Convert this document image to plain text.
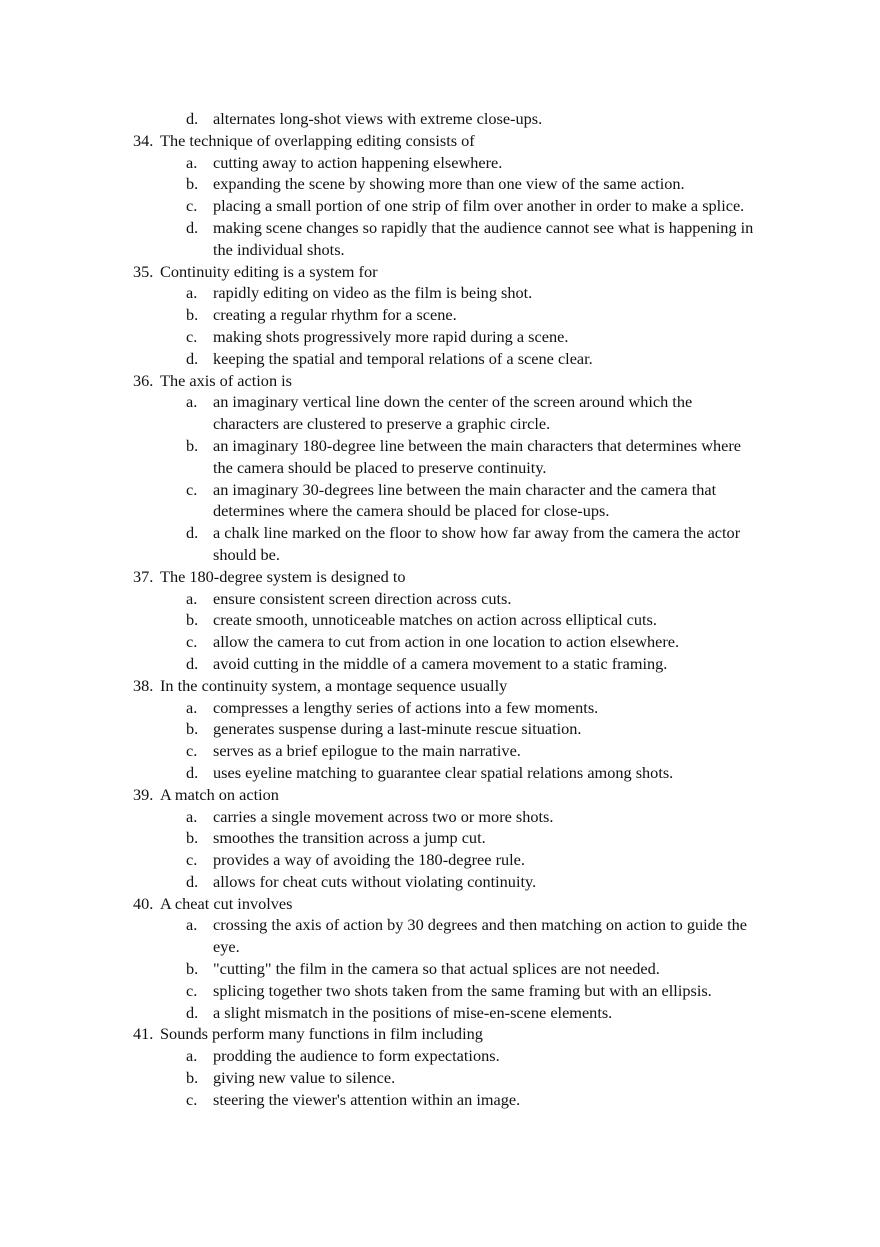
d. alternates long-shot views with extreme close-ups.
34. The technique of overlapping editing consists of
a. cutting away to action happening elsewhere.
b. expanding the scene by showing more than one view of the same action.
c. placing a small portion of one strip of film over another in order to make a splice.
d. making scene changes so rapidly that the audience cannot see what is happening in the individual shots.
35. Continuity editing is a system for
a. rapidly editing on video as the film is being shot.
b. creating a regular rhythm for a scene.
c. making shots progressively more rapid during a scene.
d. keeping the spatial and temporal relations of a scene clear.
36. The axis of action is
a. an imaginary vertical line down the center of the screen around which the characters are clustered to preserve a graphic circle.
b. an imaginary 180-degree line between the main characters that determines where the camera should be placed to preserve continuity.
c. an imaginary 30-degrees line between the main character and the camera that determines where the camera should be placed for close-ups.
d. a chalk line marked on the floor to show how far away from the camera the actor should be.
37. The 180-degree system is designed to
a. ensure consistent screen direction across cuts.
b. create smooth, unnoticeable matches on action across elliptical cuts.
c. allow the camera to cut from action in one location to action elsewhere.
d. avoid cutting in the middle of a camera movement to a static framing.
38. In the continuity system, a montage sequence usually
a. compresses a lengthy series of actions into a few moments.
b. generates suspense during a last-minute rescue situation.
c. serves as a brief epilogue to the main narrative.
d. uses eyeline matching to guarantee clear spatial relations among shots.
39. A match on action
a. carries a single movement across two or more shots.
b. smoothes the transition across a jump cut.
c. provides a way of avoiding the 180-degree rule.
d. allows for cheat cuts without violating continuity.
40. A cheat cut involves
a. crossing the axis of action by 30 degrees and then matching on action to guide the eye.
b. "cutting" the film in the camera so that actual splices are not needed.
c. splicing together two shots taken from the same framing but with an ellipsis.
d. a slight mismatch in the positions of mise-en-scene elements.
41. Sounds perform many functions in film including
a. prodding the audience to form expectations.
b. giving new value to silence.
c. steering the viewer's attention within an image.
